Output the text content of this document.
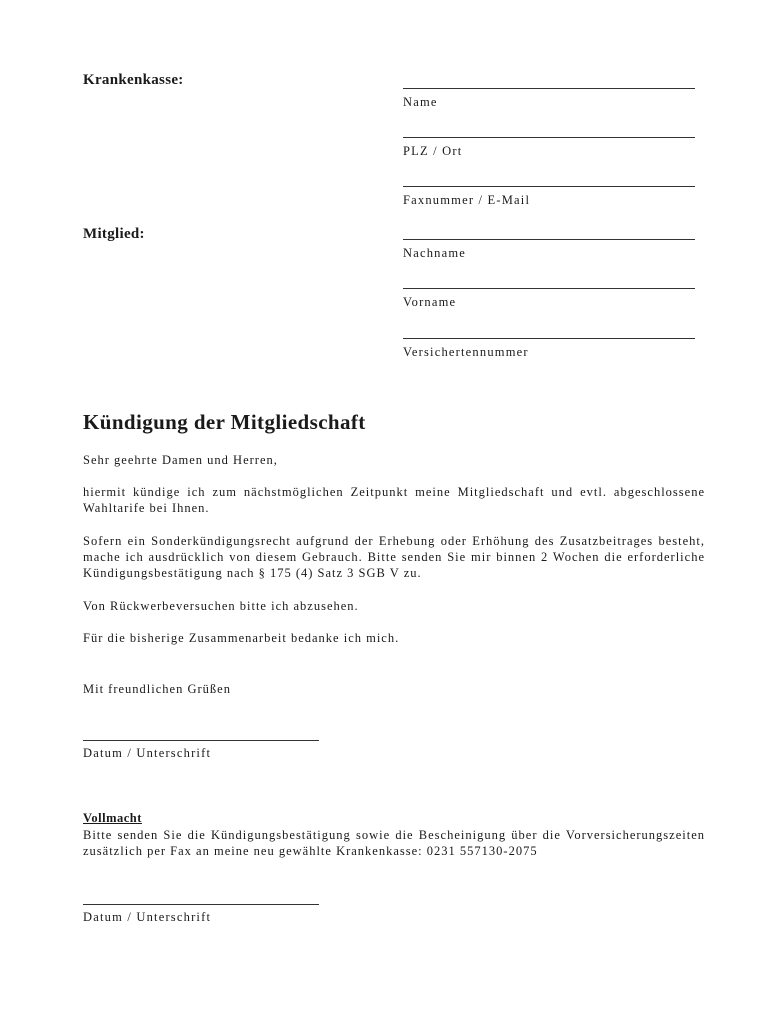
Krankenkasse:
Name
PLZ / Ort
Faxnummer / E-Mail
Mitglied:
Nachname
Vorname
Versichertennummer
Kündigung der Mitgliedschaft
Sehr geehrte Damen und Herren,
hiermit kündige ich zum nächstmöglichen Zeitpunkt meine Mitgliedschaft und evtl. abgeschlossene Wahltarife bei Ihnen.
Sofern ein Sonderkündigungsrecht aufgrund der Erhebung oder Erhöhung des Zusatzbeitrages besteht, mache ich ausdrücklich von diesem Gebrauch. Bitte senden Sie mir binnen 2 Wochen die erforderliche Kündigungsbestätigung nach § 175 (4) Satz 3 SGB V zu.
Von Rückwerbeversuchen bitte ich abzusehen.
Für die bisherige Zusammenarbeit bedanke ich mich.
Mit freundlichen Grüßen
Datum / Unterschrift
Vollmacht
Bitte senden Sie die Kündigungsbestätigung sowie die Bescheinigung über die Vorversicherungszeiten zusätzlich per Fax an meine neu gewählte Krankenkasse: 0231 557130-2075
Datum / Unterschrift
